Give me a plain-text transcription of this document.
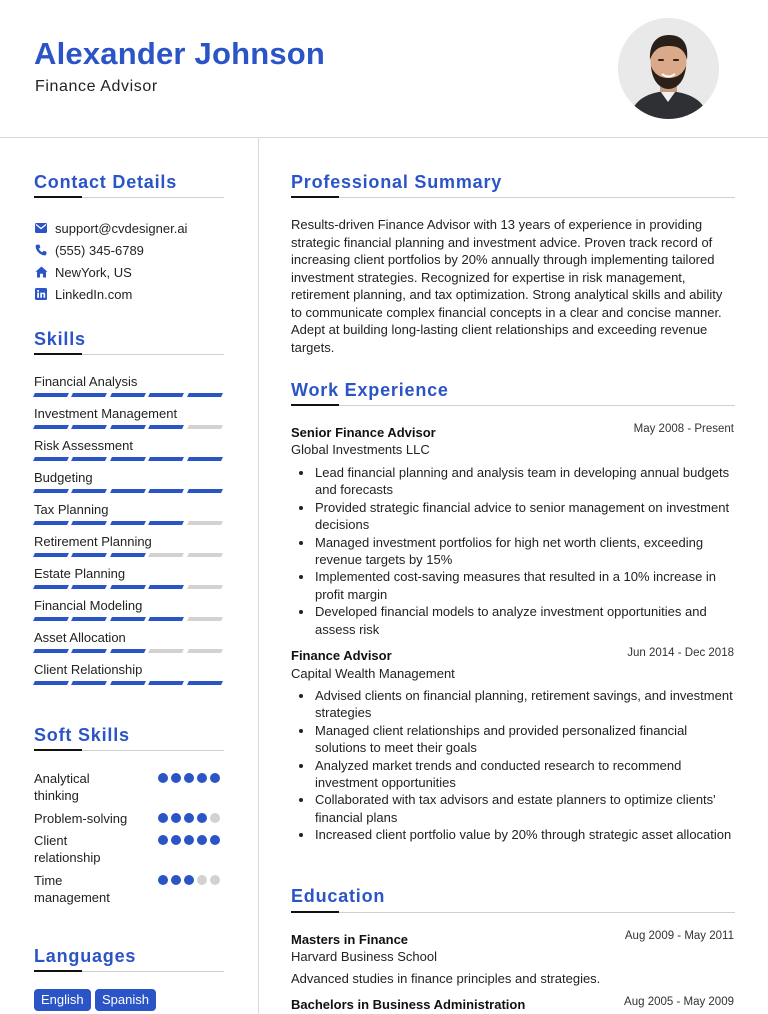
Alexander Johnson
Finance Advisor
Contact Details
support@cvdesigner.ai
(555) 345-6789
NewYork, US
LinkedIn.com
Skills
Financial Analysis
Investment Management
Risk Assessment
Budgeting
Tax Planning
Retirement Planning
Estate Planning
Financial Modeling
Asset Allocation
Client Relationship
Soft Skills
Analytical thinking
Problem-solving
Client relationship
Time management
Languages
English	Spanish
Professional Summary
Results-driven Finance Advisor with 13 years of experience in providing strategic financial planning and investment advice. Proven track record of increasing client portfolios by 20% annually through implementing tailored investment strategies. Recognized for expertise in risk management, retirement planning, and tax optimization. Strong analytical skills and ability to communicate complex financial concepts in a clear and concise manner. Adept at building long-lasting client relationships and exceeding revenue targets.
Work Experience
Senior Finance Advisor	May 2008 - Present
Global Investments LLC
Lead financial planning and analysis team in developing annual budgets and forecasts
Provided strategic financial advice to senior management on investment decisions
Managed investment portfolios for high net worth clients, exceeding revenue targets by 15%
Implemented cost-saving measures that resulted in a 10% increase in profit margin
Developed financial models to analyze investment opportunities and assess risk
Finance Advisor	Jun 2014 - Dec 2018
Capital Wealth Management
Advised clients on financial planning, retirement savings, and investment strategies
Managed client relationships and provided personalized financial solutions to meet their goals
Analyzed market trends and conducted research to recommend investment opportunities
Collaborated with tax advisors and estate planners to optimize clients' financial plans
Increased client portfolio value by 20% through strategic asset allocation
Education
Masters in Finance	Aug 2009 - May 2011
Harvard Business School
Advanced studies in finance principles and strategies.
Bachelors in Business Administration	Aug 2005 - May 2009
